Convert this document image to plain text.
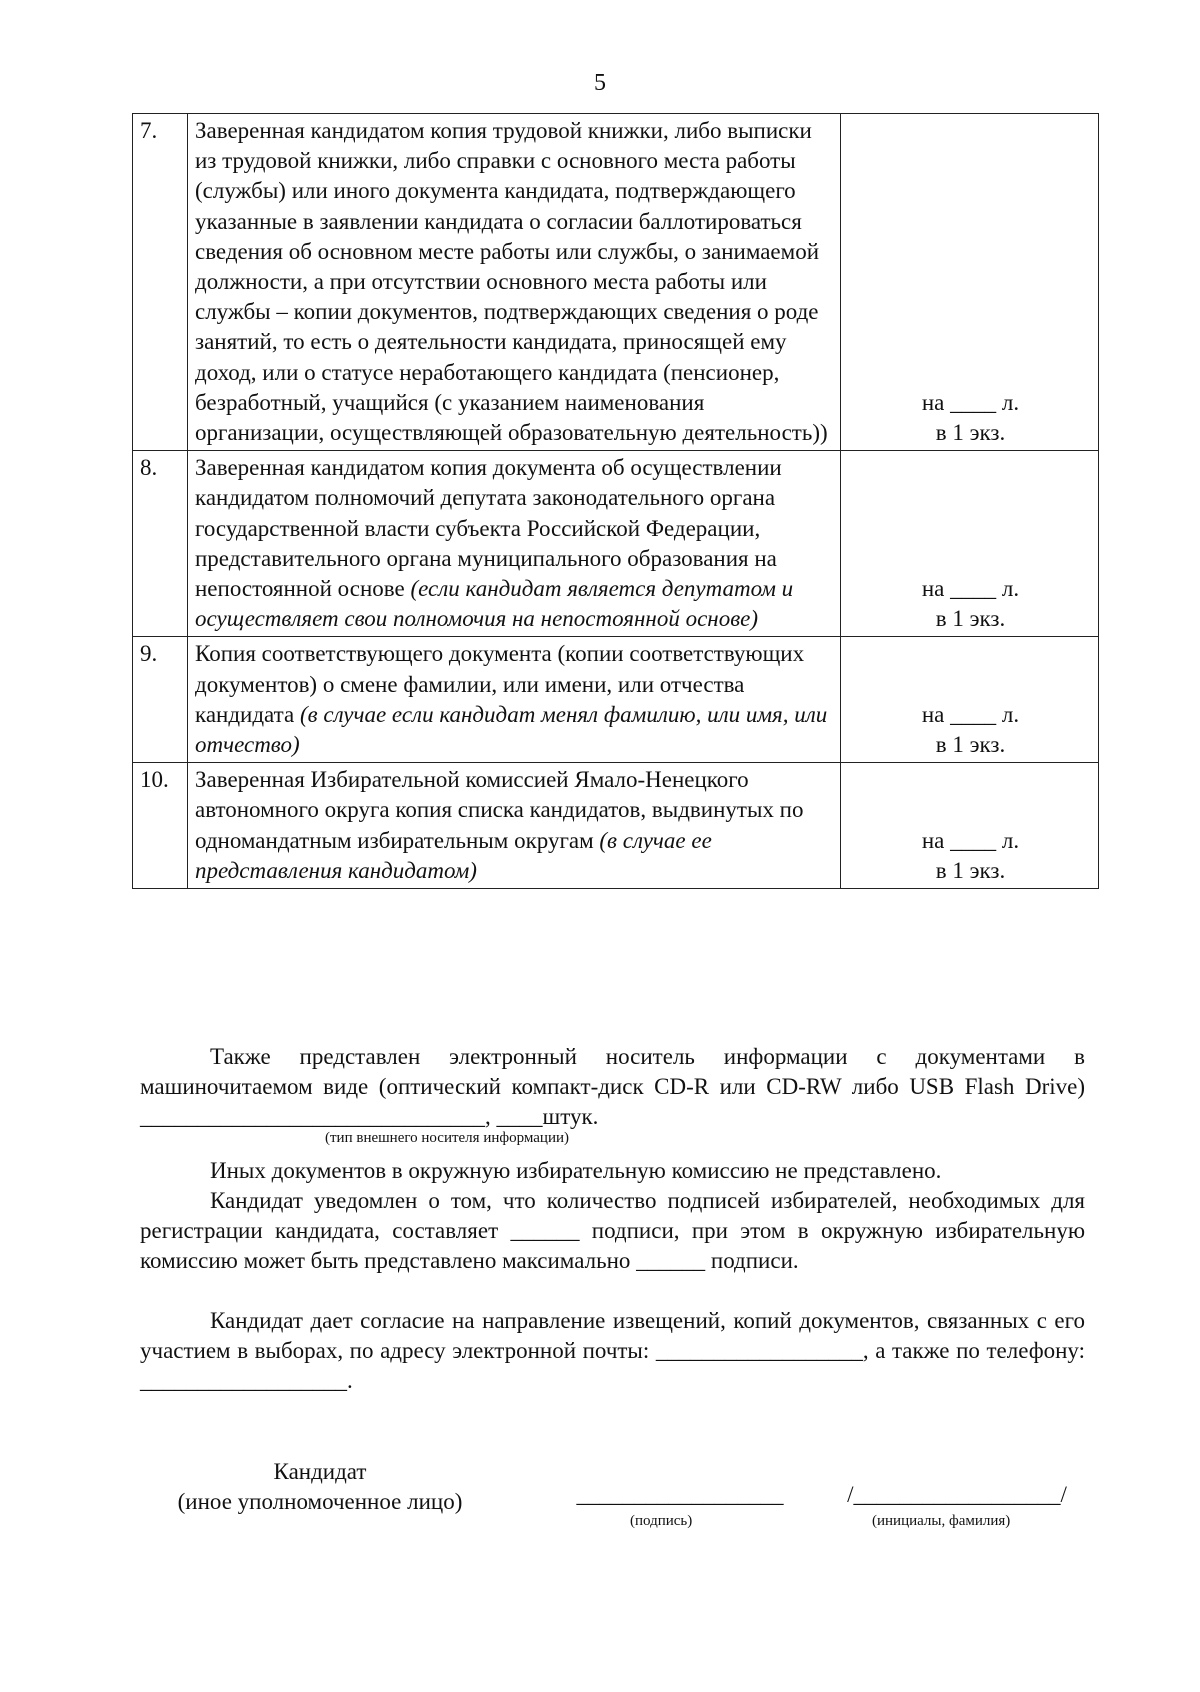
5
7.	Заверенная кандидатом копия трудовой книжки, либо выписки из трудовой книжки, либо справки с основного места работы (службы) или иного документа кандидата, подтверждающего указанные в заявлении кандидата о согласии баллотироваться сведения об основном месте работы или службы, о занимаемой должности, а при отсутствии основного места работы или службы – копии документов, подтверждающих сведения о роде занятий, то есть о деятельности кандидата, приносящей ему доход, или о статусе неработающего кандидата (пенсионер, безработный, учащийся (с указанием наименования организации, осуществляющей образовательную деятельность))	на ____ л.
в 1 экз.

8.	Заверенная кандидатом копия документа об осуществлении кандидатом полномочий депутата законодательного органа государственной власти субъекта Российской Федерации, представительного органа муниципального образования на непостоянной основе (если кандидат является депутатом и осуществляет свои полномочия на непостоянной основе)	на ____ л.
в 1 экз.

9.	Копия соответствующего документа (копии соответствующих документов) о смене фамилии, или имени, или отчества кандидата (в случае если кандидат менял фамилию, или имя, или отчество)	на ____ л.
в 1 экз.

10.	Заверенная Избирательной комиссией Ямало-Ненецкого автономного округа копия списка кандидатов, выдвинутых по одномандатным избирательным округам (в случае ее представления кандидатом)	на ____ л.
в 1 экз.
Также представлен электронный носитель информации с документами в машиночитаемом виде (оптический компакт-диск CD-R или CD-RW либо USB Flash Drive) ______________________________, ____штук.
(тип внешнего носителя информации)
Иных документов в окружную избирательную комиссию не представлено.
Кандидат уведомлен о том, что количество подписей избирателей, необходимых для регистрации кандидата, составляет ______ подписи, при этом в окружную избирательную комиссию может быть представлено максимально ______ подписи.
Кандидат дает согласие на направление извещений, копий документов, связанных с его участием в выборах, по адресу электронной почты: __________________, а также по телефону: __________________.
Кандидат
(иное уполномоченное лицо)	__________________
(подпись)
/__________________/
(инициалы, фамилия)
